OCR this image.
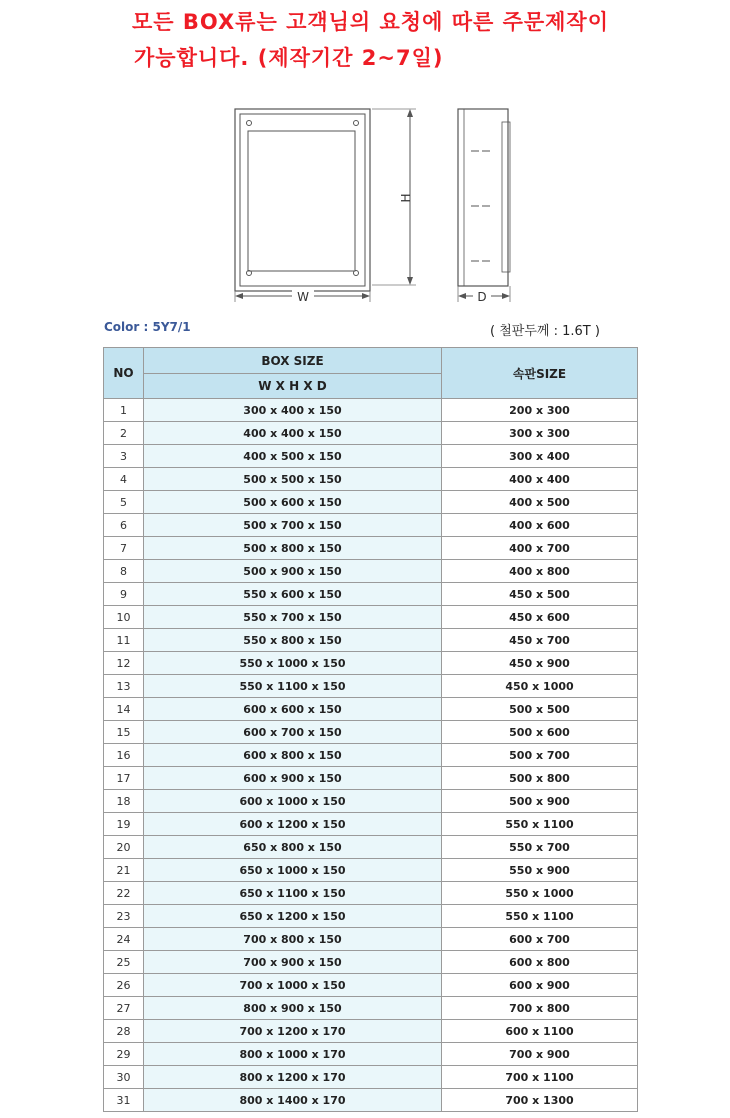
모든 BOX류는 고객님의 요청에 따른 주문제작이
가능합니다. (제작기간 2~7일)
H
W	D
Color : 5Y7/1	( 철판두께 : 1.6T )
NO	BOX SIZE	속판SIZE
	W X H X D	
1	300 x 400 x 150	200 x 300
2	400 x 400 x 150	300 x 300
3	400 x 500 x 150	300 x 400
4	500 x 500 x 150	400 x 400
5	500 x 600 x 150	400 x 500
6	500 x 700 x 150	400 x 600
7	500 x 800 x 150	400 x 700
8	500 x 900 x 150	400 x 800
9	550 x 600 x 150	450 x 500
10	550 x 700 x 150	450 x 600
11	550 x 800 x 150	450 x 700
12	550 x 1000 x 150	450 x 900
13	550 x 1100 x 150	450 x 1000
14	600 x 600 x 150	500 x 500
15	600 x 700 x 150	500 x 600
16	600 x 800 x 150	500 x 700
17	600 x 900 x 150	500 x 800
18	600 x 1000 x 150	500 x 900
19	600 x 1200 x 150	550 x 1100
20	650 x 800 x 150	550 x 700
21	650 x 1000 x 150	550 x 900
22	650 x 1100 x 150	550 x 1000
23	650 x 1200 x 150	550 x 1100
24	700 x 800 x 150	600 x 700
25	700 x 900 x 150	600 x 800
26	700 x 1000 x 150	600 x 900
27	800 x 900 x 150	700 x 800
28	700 x 1200 x 170	600 x 1100
29	800 x 1000 x 170	700 x 900
30	800 x 1200 x 170	700 x 1100
31	800 x 1400 x 170	700 x 1300
